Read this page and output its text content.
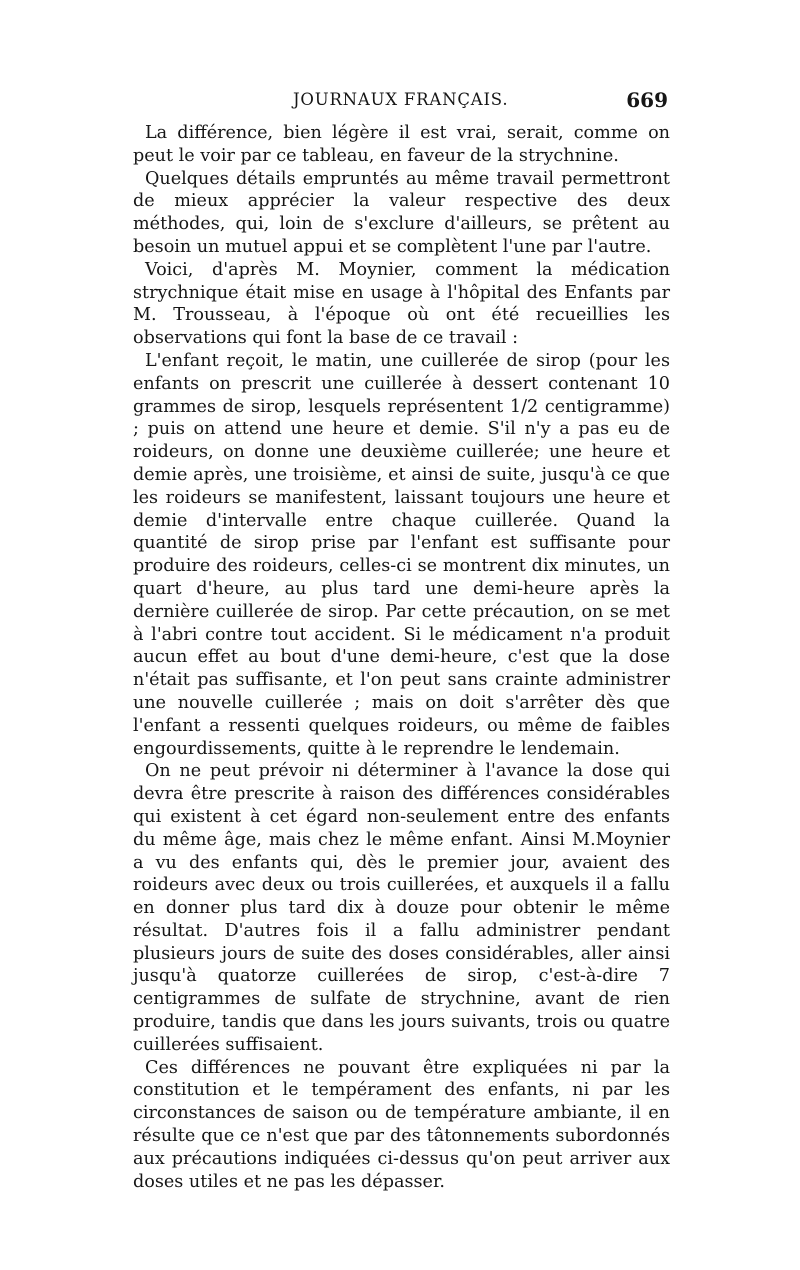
JOURNAUX FRANÇAIS.	669

La différence, bien légère il est vrai, serait, comme on peut le voir par ce tableau, en faveur de la strychnine.

Quelques détails empruntés au même travail permettront de mieux apprécier la valeur respective des deux méthodes, qui, loin de s'exclure d'ailleurs, se prêtent au besoin un mutuel appui et se complètent l'une par l'autre.

Voici, d'après M. Moynier, comment la médication strychnique était mise en usage à l'hôpital des Enfants par M. Trousseau, à l'époque où ont été recueillies les observations qui font la base de ce travail :

L'enfant reçoit, le matin, une cuillerée de sirop (pour les enfants on prescrit une cuillerée à dessert contenant 10 grammes de sirop, lesquels représentent 1/2 centigramme) ; puis on attend une heure et demie. S'il n'y a pas eu de roideurs, on donne une deuxième cuillerée; une heure et demie après, une troisième, et ainsi de suite, jusqu'à ce que les roideurs se manifestent, laissant toujours une heure et demie d'intervalle entre chaque cuillerée. Quand la quantité de sirop prise par l'enfant est suffisante pour produire des roideurs, celles-ci se montrent dix minutes, un quart d'heure, au plus tard une demi-heure après la dernière cuillerée de sirop. Par cette précaution, on se met à l'abri contre tout accident. Si le médicament n'a produit aucun effet au bout d'une demi-heure, c'est que la dose n'était pas suffisante, et l'on peut sans crainte administrer une nouvelle cuillerée ; mais on doit s'arrêter dès que l'enfant a ressenti quelques roideurs, ou même de faibles engourdissements, quitte à le reprendre le lendemain.

On ne peut prévoir ni déterminer à l'avance la dose qui devra être prescrite à raison des différences considérables qui existent à cet égard non-seulement entre des enfants du même âge, mais chez le même enfant. Ainsi M.Moynier a vu des enfants qui, dès le premier jour, avaient des roideurs avec deux ou trois cuillerées, et auxquels il a fallu en donner plus tard dix à douze pour obtenir le même résultat. D'autres fois il a fallu administrer pendant plusieurs jours de suite des doses considérables, aller ainsi jusqu'à quatorze cuillerées de sirop, c'est-à-dire 7 centigrammes de sulfate de strychnine, avant de rien produire, tandis que dans les jours suivants, trois ou quatre cuillerées suffisaient.

Ces différences ne pouvant être expliquées ni par la constitution et le tempérament des enfants, ni par les circonstances de saison ou de température ambiante, il en résulte que ce n'est que par des tâtonnements subordonnés aux précautions indiquées ci-dessus qu'on peut arriver aux doses utiles et ne pas les dépasser.
